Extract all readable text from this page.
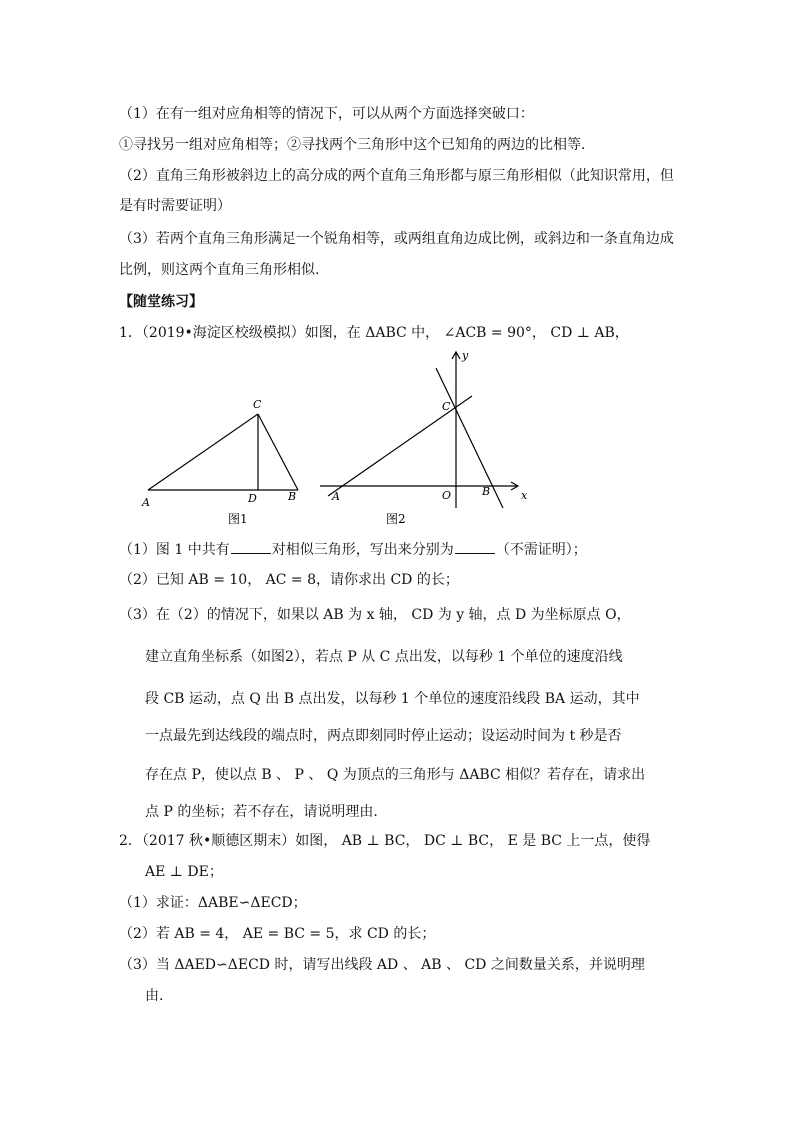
（1）在有一组对应角相等的情况下，可以从两个方面选择突破口：
①寻找另一组对应角相等；②寻找两个三角形中这个已知角的两边的比相等.
（2）直角三角形被斜边上的高分成的两个直角三角形都与原三角形相似（此知识常用，但
是有时需要证明）
（3）若两个直角三角形满足一个锐角相等，或两组直角边成比例，或斜边和一条直角边成
比例，则这两个直角三角形相似.
【随堂练习】
1．（2019•海淀区校级模拟）如图，在 ΔABC 中， ∠ACB = 90°， CD ⊥ AB，
A	B
C
D
图1
y
C
A	O	B	x
图2
（1）图 1 中共有	对相似三角形，写出来分别为	（不需证明）；
（2）已知 AB = 10， AC = 8，请你求出 CD 的长；
（3）在（2）的情况下，如果以 AB 为 x 轴， CD 为 y 轴，点 D 为坐标原点 O，
建立直角坐标系（如图2），若点 P 从 C 点出发，以每秒 1 个单位的速度沿线
段 CB 运动，点 Q 出 B 点出发，以每秒 1 个单位的速度沿线段 BA 运动，其中
一点最先到达线段的端点时，两点即刻同时停止运动；设运动时间为 t 秒是否
存在点 P，使以点 B 、 P 、 Q 为顶点的三角形与 ΔABC 相似？若存在，请求出
点 P 的坐标；若不存在，请说明理由.
2．（2017 秋•顺德区期末）如图， AB ⊥ BC， DC ⊥ BC， E 是 BC 上一点，使得
AE ⊥ DE；
（1）求证：ΔABE∽ΔECD；
（2）若 AB = 4， AE = BC = 5，求 CD 的长；
（3）当 ΔAED∽ΔECD 时，请写出线段 AD 、 AB 、 CD 之间数量关系，并说明理
由.
